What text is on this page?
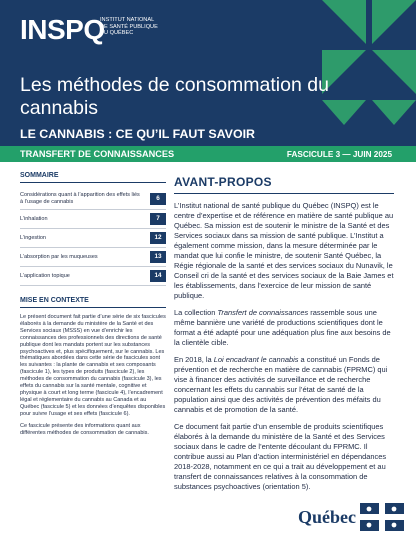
INSPQ
INSTITUT NATIONAL
DE SANTÉ PUBLIQUE
DU QUÉBEC
Les méthodes de consommation du cannabis
LE CANNABIS : CE QU’IL FAUT SAVOIR
TRANSFERT DE CONNAISSANCES	FASCICULE 3 — JUIN 2025
SOMMAIRE
Considérations quant à l’apparition des effets liés à l’usage de cannabis	6
L’inhalation	7
L’ingestion	12
L’absorption par les muqueuses	13
L’application topique	14
MISE EN CONTEXTE

Le présent document fait partie d’une série de six fascicules élaborés à la demande du ministère de la Santé et des Services sociaux (MSSS) en vue d’enrichir les connaissances des professionnels des directions de santé publique dont les mandats portent sur les substances psychoactives et, plus spécifiquement, sur le cannabis. Les thématiques abordées dans cette série de fascicules sont les suivantes : la plante de cannabis et ses composants (fascicule 1), les types de produits (fascicule 2), les méthodes de consommation du cannabis (fascicule 3), les effets du cannabis sur la santé mentale, cognitive et physique à court et long terme (fascicule 4), l’encadrement légal et réglementaire du cannabis au Canada et au Québec (fascicule 5) et les données d’enquêtes disponibles pour suivre l’usage et ses effets (fascicule 6).

Ce fascicule présente des informations quant aux différentes méthodes de consommation de cannabis.

AVANT-PROPOS

L’Institut national de santé publique du Québec (INSPQ) est le centre d’expertise et de référence en matière de santé publique au Québec. Sa mission est de soutenir le ministre de la Santé et des Services sociaux dans sa mission de santé publique. L’Institut a également comme mission, dans la mesure déterminée par le mandat que lui confie le ministre, de soutenir Santé Québec, la Régie régionale de la santé et des services sociaux du Nunavik, le Conseil cri de la santé et des services sociaux de la Baie James et les établissements, dans l’exercice de leur mission de santé publique.

La collection Transfert de connaissances rassemble sous une même bannière une variété de productions scientifiques dont le format a été adapté pour une adéquation plus fine aux besoins de la clientèle cible.

En 2018, la Loi encadrant le cannabis a constitué un Fonds de prévention et de recherche en matière de cannabis (FPRMC) qui vise à financer des activités de surveillance et de recherche concernant les effets du cannabis sur l’état de santé de la population ainsi que des activités de prévention des méfaits du cannabis et de promotion de la santé.

Ce document fait partie d’un ensemble de produits scientifiques élaborés à la demande du ministère de la Santé et des Services sociaux dans le cadre de l’entente découlant du FPRMC. Il contribue aussi au Plan d’action interministériel en dépendances 2018-2028, notamment en ce qui a trait au développement et au transfert de connaissances relatives à la consommation de substances psychoactives (orientation 5).

Québec
